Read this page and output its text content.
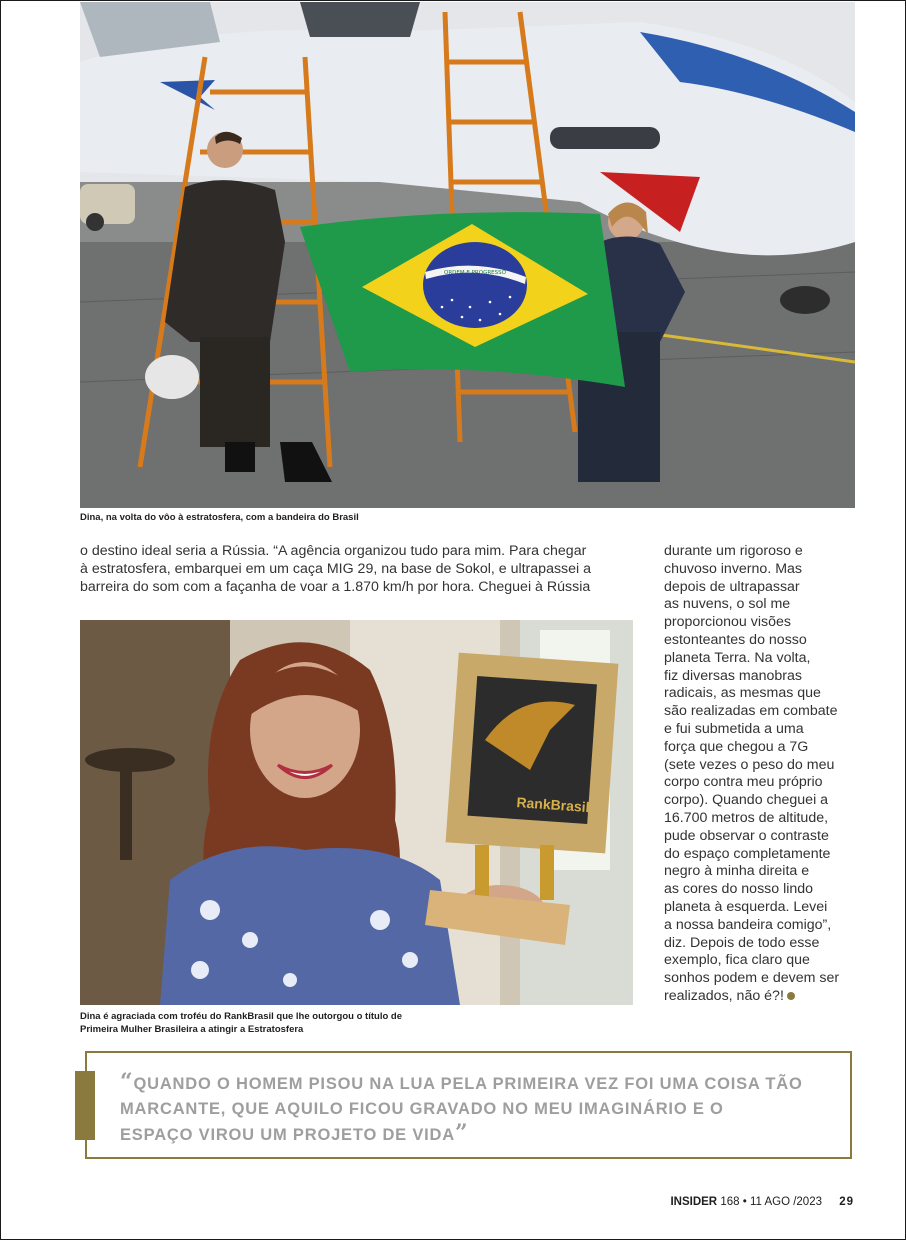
ORDEM E PROGRESSO
Dina, na volta do vôo à estratosfera, com a bandeira do Brasil

o destino ideal seria a Rússia. “A agência organizou tudo para mim. Para chegar
à estratosfera, embarquei em um caça MIG 29, na base de Sokol, e ultrapassei a
barreira do som com a façanha de voar a 1.870 km/h por hora. Cheguei à Rússia

RankBrasil
Dina é agraciada com troféu do RankBrasil que lhe outorgou o título de
Primeira Mulher Brasileira a atingir a Estratosfera

durante um rigoroso e
chuvoso inverno. Mas
depois de ultrapassar
as nuvens, o sol me
proporcionou visões
estonteantes do nosso
planeta Terra. Na volta,
fiz diversas manobras
radicais, as mesmas que
são realizadas em combate
e fui submetida a uma
força que chegou a 7G
(sete vezes o peso do meu
corpo contra meu próprio
corpo). Quando cheguei a
16.700 metros de altitude,
pude observar o contraste
do espaço completamente
negro à minha direita e
as cores do nosso lindo
planeta à esquerda. Levei
a nossa bandeira comigo”,
diz. Depois de todo esse
exemplo, fica claro que
sonhos podem e devem ser
realizados, não é?!

“QUANDO O HOMEM PISOU NA LUA PELA PRIMEIRA VEZ FOI UMA COISA TÃO
MARCANTE, QUE AQUILO FICOU GRAVADO NO MEU IMAGINÁRIO E O
ESPAÇO VIROU UM PROJETO DE VIDA”
INSIDER 168 • 11 AGO /2023 29
